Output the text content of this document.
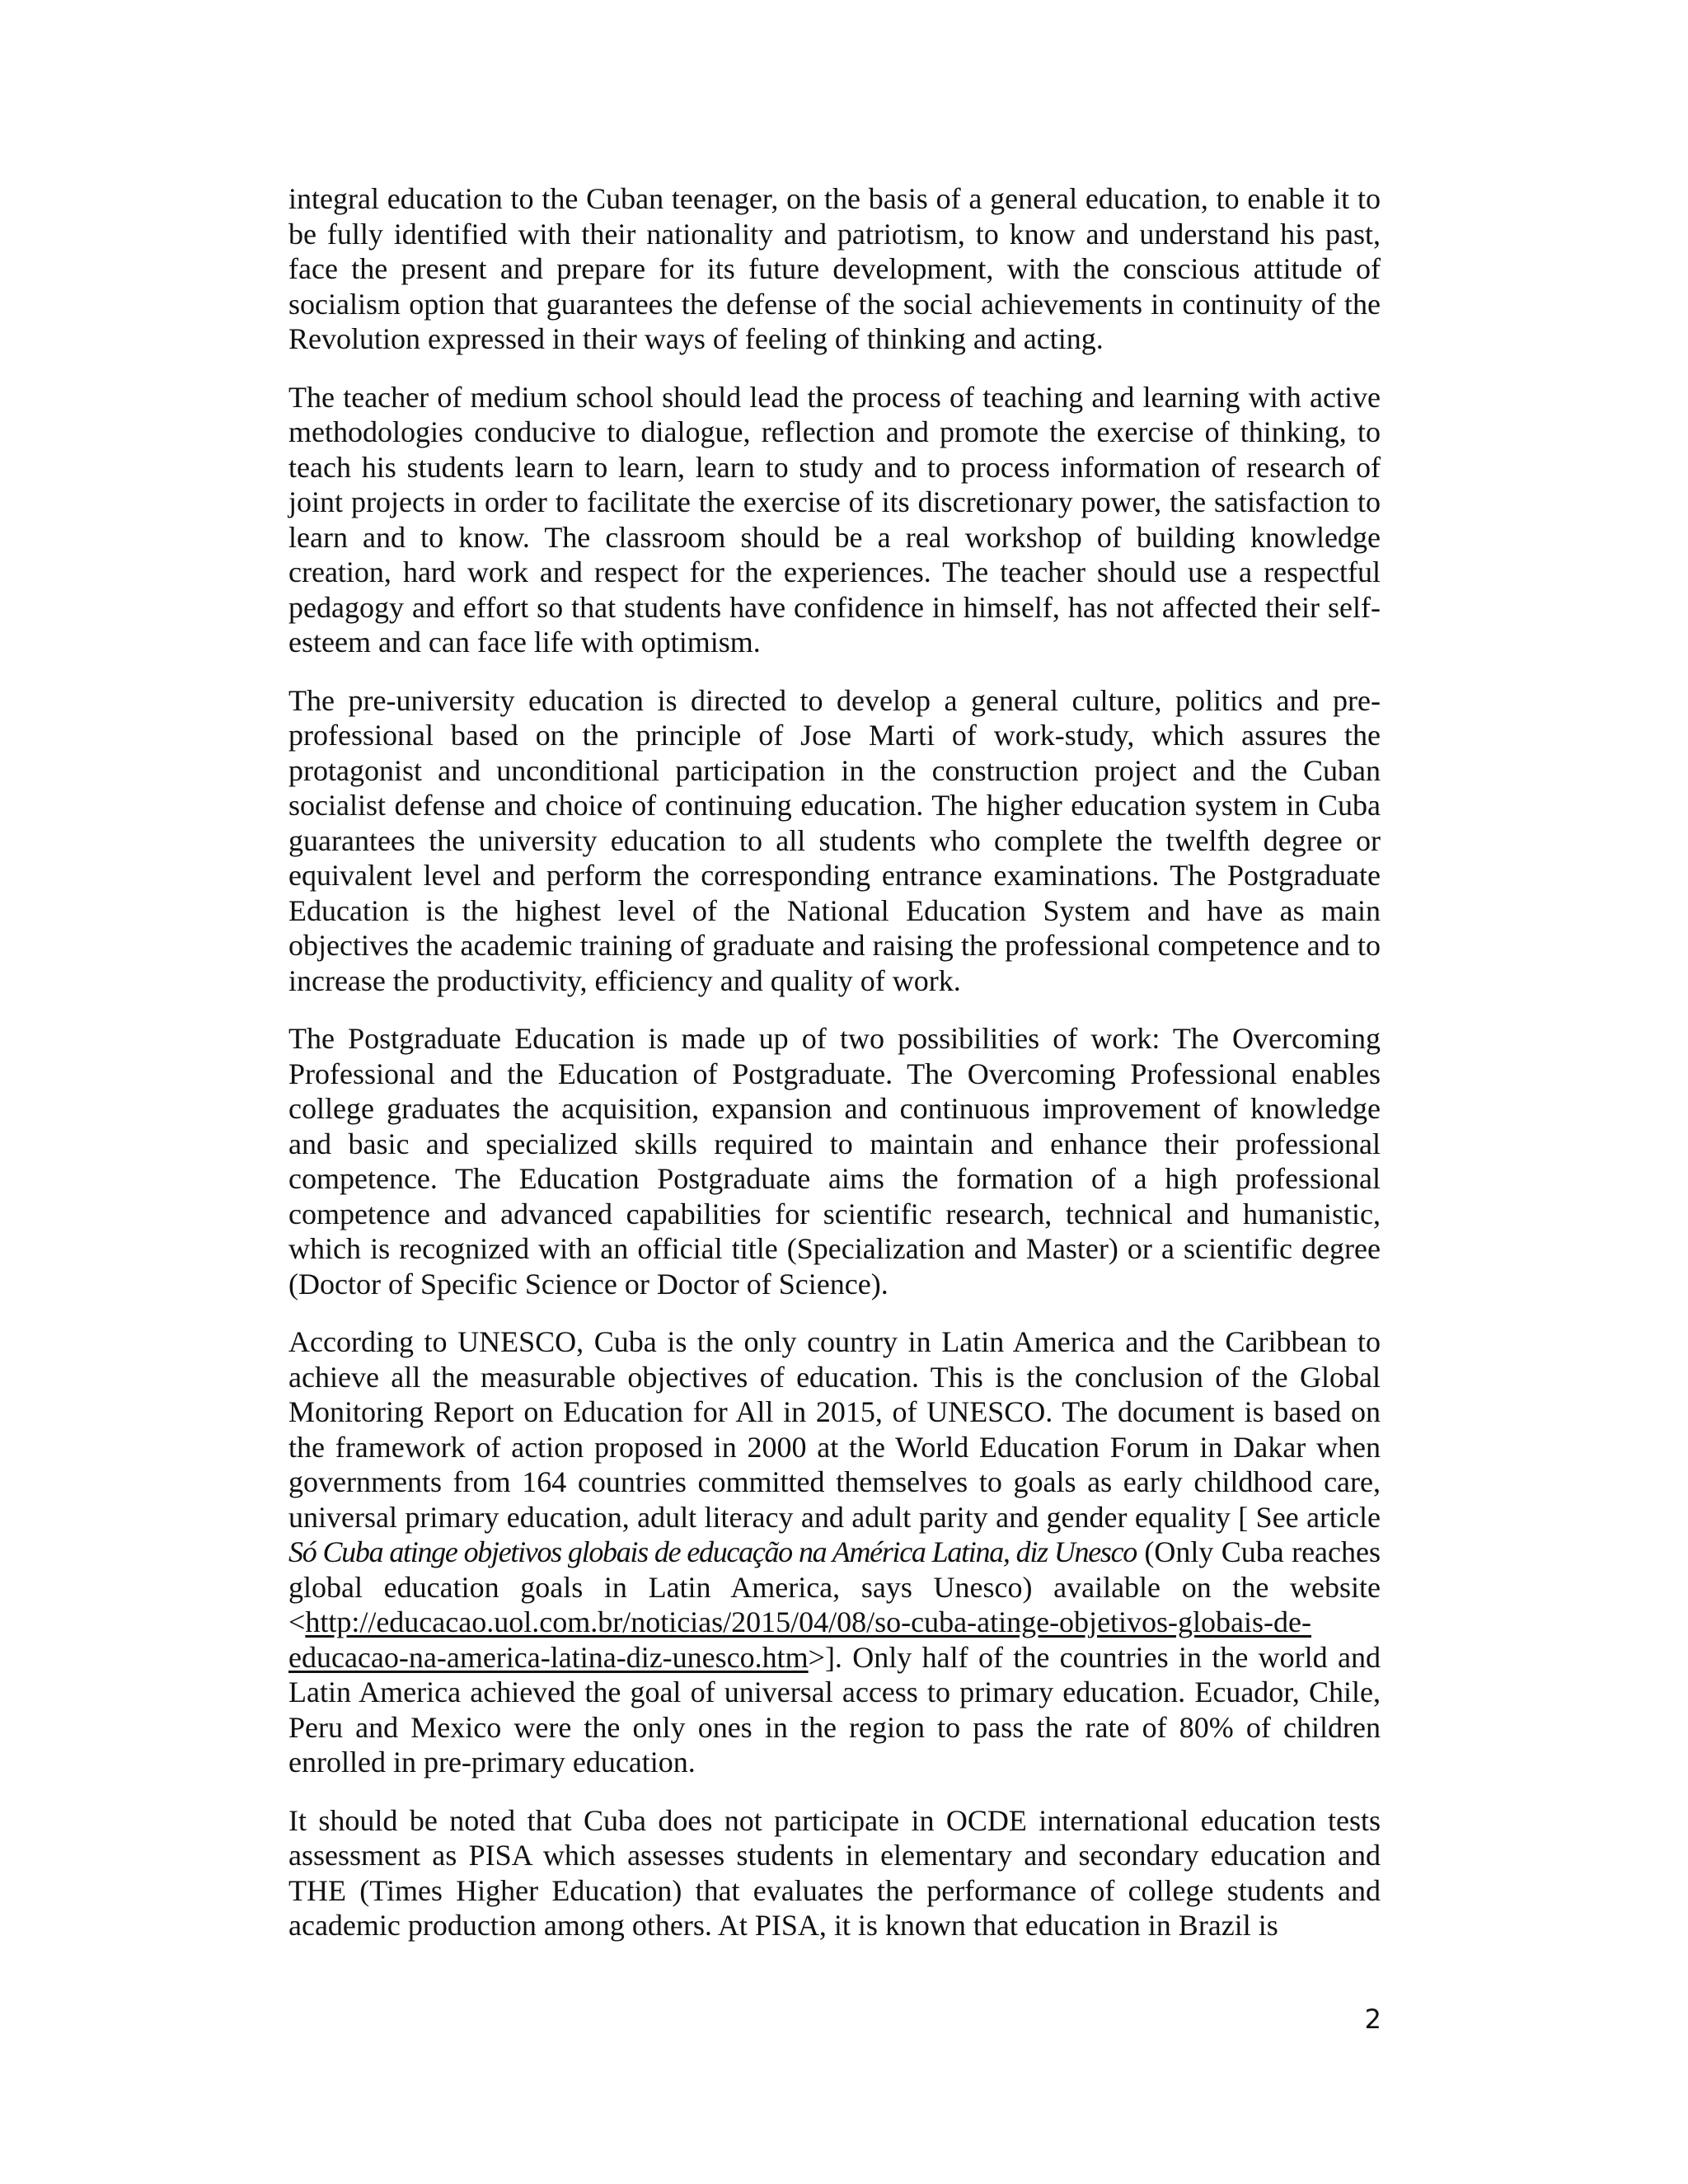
integral education to the Cuban teenager, on the basis of a general education, to enable it to be fully identified with their nationality and patriotism, to know and understand his past, face the present and prepare for its future development, with the conscious attitude of socialism option that guarantees the defense of the social achievements in continuity of the Revolution expressed in their ways of feeling of thinking and acting.

The teacher of medium school should lead the process of teaching and learning with active methodologies conducive to dialogue, reflection and promote the exercise of thinking, to teach his students learn to learn, learn to study and to process information of research of joint projects in order to facilitate the exercise of its discretionary power, the satisfaction to learn and to know. The classroom should be a real workshop of building knowledge creation, hard work and respect for the experiences. The teacher should use a respectful pedagogy and effort so that students have confidence in himself, has not affected their self-esteem and can face life with optimism.

The pre-university education is directed to develop a general culture, politics and pre-professional based on the principle of Jose Marti of work-study, which assures the protagonist and unconditional participation in the construction project and the Cuban socialist defense and choice of continuing education. The higher education system in Cuba guarantees the university education to all students who complete the twelfth degree or equivalent level and perform the corresponding entrance examinations. The Postgraduate Education is the highest level of the National Education System and have as main objectives the academic training of graduate and raising the professional competence and to increase the productivity, efficiency and quality of work.

The Postgraduate Education is made up of two possibilities of work: The Overcoming Professional and the Education of Postgraduate. The Overcoming Professional enables college graduates the acquisition, expansion and continuous improvement of knowledge and basic and specialized skills required to maintain and enhance their professional competence. The Education Postgraduate aims the formation of a high professional competence and advanced capabilities for scientific research, technical and humanistic, which is recognized with an official title (Specialization and Master) or a scientific degree (Doctor of Specific Science or Doctor of Science).

According to UNESCO, Cuba is the only country in Latin America and the Caribbean to achieve all the measurable objectives of education. This is the conclusion of the Global Monitoring Report on Education for All in 2015, of UNESCO. The document is based on the framework of action proposed in 2000 at the World Education Forum in Dakar when governments from 164 countries committed themselves to goals as early childhood care, universal primary education, adult literacy and adult parity and gender equality [ See article Só Cuba atinge objetivos globais de educação na América Latina, diz Unesco (Only Cuba reaches global education goals in Latin America, says Unesco) available on the website <http://educacao.uol.com.br/noticias/2015/04/08/so-cuba-atinge-objetivos-globais-de-educacao-na-america-latina-diz-unesco.htm>]. Only half of the countries in the world and Latin America achieved the goal of universal access to primary education. Ecuador, Chile, Peru and Mexico were the only ones in the region to pass the rate of 80% of children enrolled in pre-primary education.

It should be noted that Cuba does not participate in OCDE international education tests assessment as PISA which assesses students in elementary and secondary education and THE (Times Higher Education) that evaluates the performance of college students and academic production among others. At PISA, it is known that education in Brazil is

2
